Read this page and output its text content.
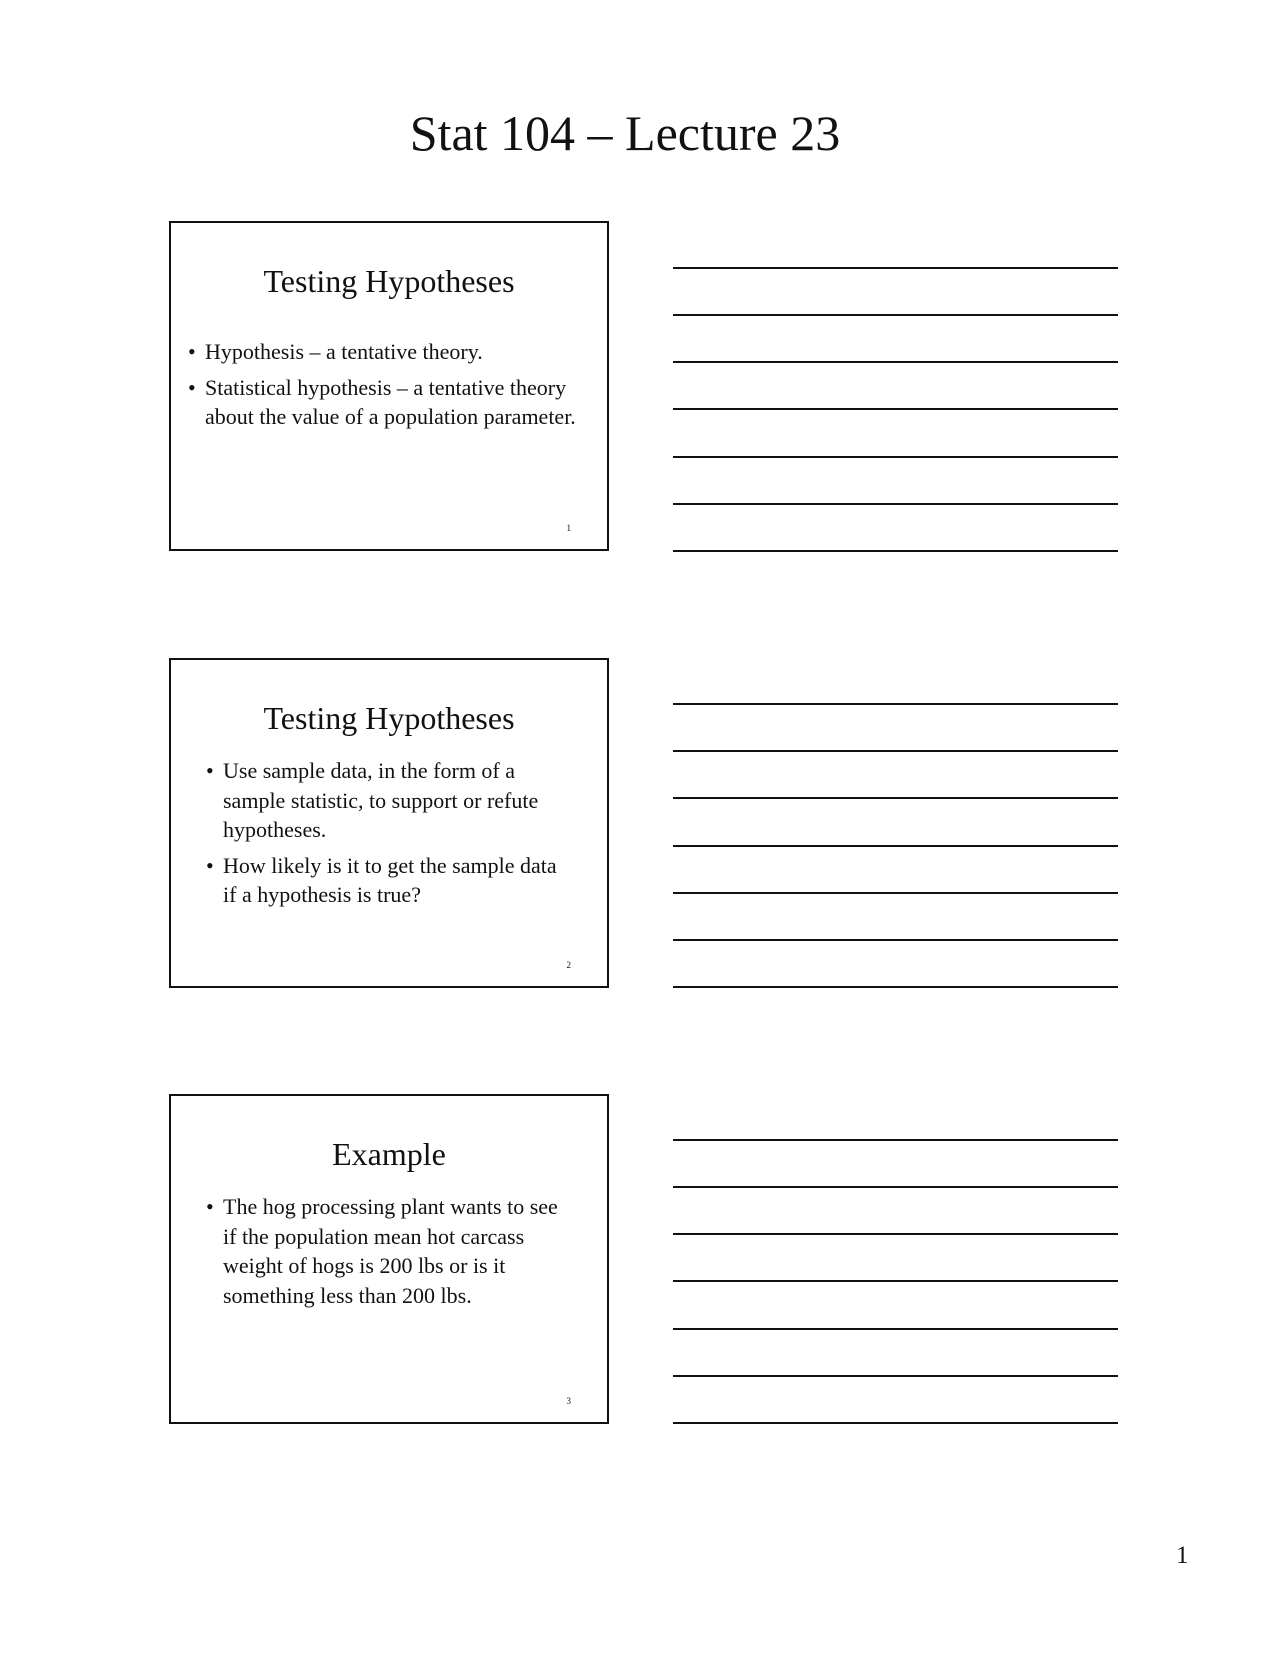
Stat 104 – Lecture 23
Testing Hypotheses
• Hypothesis – a tentative theory.
• Statistical hypothesis – a tentative theory about the value of a population parameter.
1
Testing Hypotheses
• Use sample data, in the form of a sample statistic, to support or refute hypotheses.
• How likely is it to get the sample data if a hypothesis is true?
2
Example
• The hog processing plant wants to see if the population mean hot carcass weight of hogs is 200 lbs or is it something less than 200 lbs.
3
1
